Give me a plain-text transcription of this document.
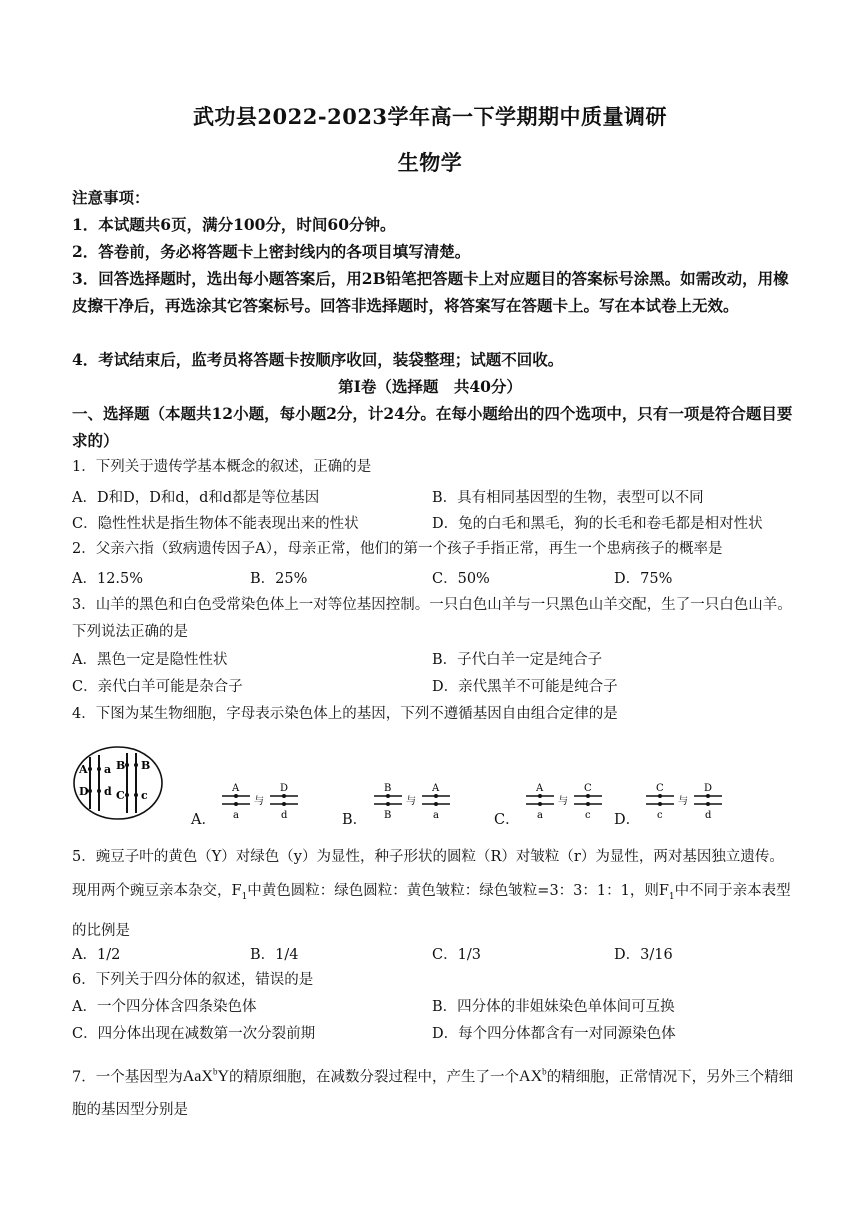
武功县2022-2023学年高一下学期期中质量调研
生物学
注意事项：
1．本试题共6页，满分100分，时间60分钟。
2．答卷前，务必将答题卡上密封线内的各项目填写清楚。
3．回答选择题时，选出每小题答案后，用2B铅笔把答题卡上对应题目的答案标号涂黑。如需改动，用橡皮擦干净后，再选涂其它答案标号。回答非选择题时，将答案写在答题卡上。写在本试卷上无效。
4．考试结束后，监考员将答题卡按顺序收回，装袋整理；试题不回收。
第Ⅰ卷（选择题　共40分）
一、选择题（本题共12小题，每小题2分，计24分。在每小题给出的四个选项中，只有一项是符合题目要求的）
1．下列关于遗传学基本概念的叙述，正确的是
A．D和D，D和d，d和d都是等位基因	B．具有相同基因型的生物，表型可以不同
C．隐性性状是指生物体不能表现出来的性状	D．兔的白毛和黑毛，狗的长毛和卷毛都是相对性状
2．父亲六指（致病遗传因子A），母亲正常，他们的第一个孩子手指正常，再生一个患病孩子的概率是
A．12.5%	B．25%	C．50%	D．75%
3．山羊的黑色和白色受常染色体上一对等位基因控制。一只白色山羊与一只黑色山羊交配，生了一只白色山羊。下列说法正确的是
A．黑色一定是隐性性状	B．子代白羊一定是纯合子
C．亲代白羊可能是杂合子	D．亲代黑羊不可能是纯合子
4．下图为某生物细胞，字母表示染色体上的基因，下列不遵循基因自由组合定律的是
A a B B
D d C c
A．	B．	C．	D．
A
a
D
d
与
B
B
A
a
与
A
a
C
c
与
C
c
D
d
与
5．豌豆子叶的黄色（Y）对绿色（y）为显性，种子形状的圆粒（R）对皱粒（r）为显性，两对基因独立遗传。现用两个豌豆亲本杂交，$F_1$中黄色圆粒：绿色圆粒：黄色皱粒：绿色皱粒=3：3：1：1，则$F_1$中不同于亲本表型的比例是
A．1/2	B．1/4	C．1/3	D．3/16
6．下列关于四分体的叙述，错误的是
A．一个四分体含四条染色体	B．四分体的非姐妹染色单体间可互换
C．四分体出现在减数第一次分裂前期	D．每个四分体都含有一对同源染色体
7．一个基因型为AaX$^b$Y的精原细胞，在减数分裂过程中，产生了一个$AX^b$的精细胞，正常情况下，另外三个精细胞的基因型分别是
